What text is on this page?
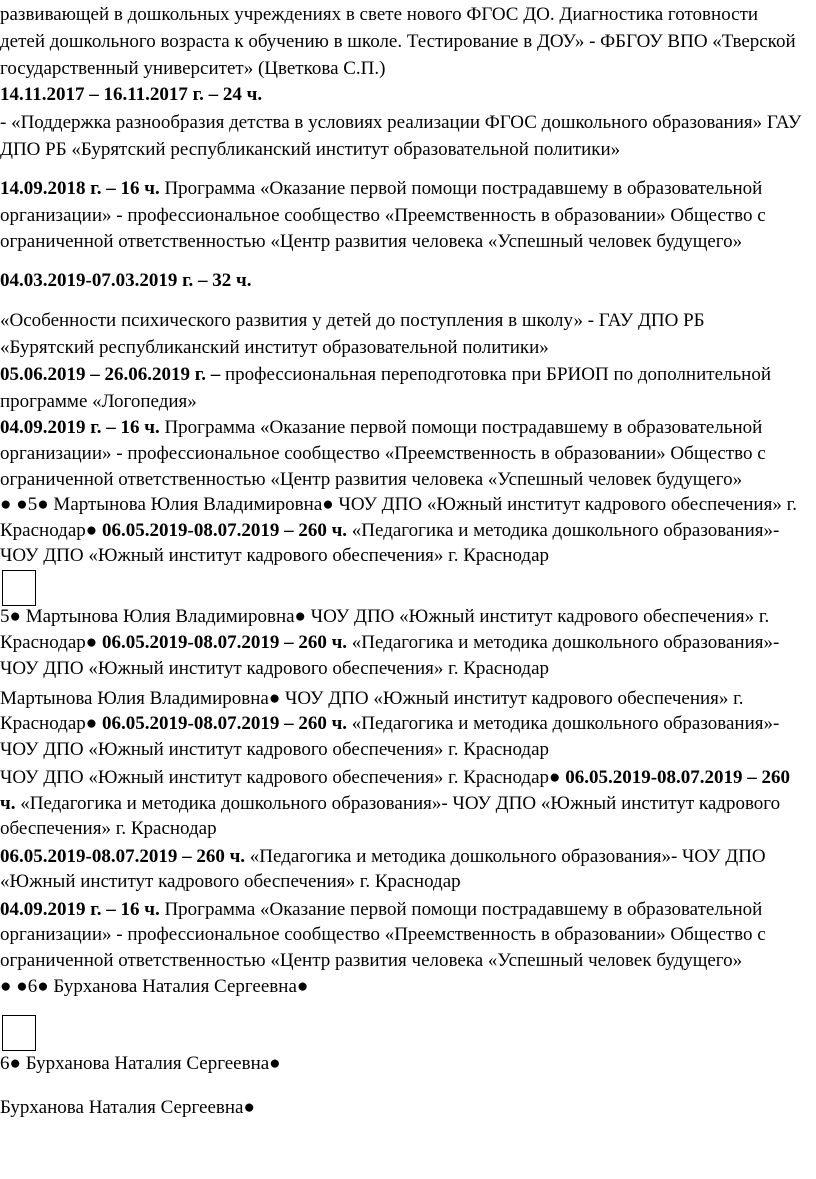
развивающей в дошкольных учреждениях в свете нового ФГОС ДО. Диагностика готовности
детей дошкольного возраста к обучению в школе. Тестирование в ДОУ» - ФБГОУ ВПО «Тверской
государственный университет» (Цветкова С.П.)
14.11.2017 – 16.11.2017 г. – 24 ч.
- «Поддержка разнообразия детства в условиях реализации ФГОС дошкольного образования» ГАУ
ДПО РБ «Бурятский республиканский институт образовательной политики»
14.09.2018 г. – 16 ч. Программа «Оказание первой помощи пострадавшему в образовательной
организации» - профессиональное сообщество «Преемственность в образовании» Общество с
ограниченной ответственностью «Центр развития человека «Успешный человек будущего»
04.03.2019-07.03.2019 г. – 32 ч.
«Особенности психического развития у детей до поступления в школу» - ГАУ ДПО РБ
«Бурятский республиканский институт образовательной политики»
05.06.2019 – 26.06.2019 г. – профессиональная переподготовка при БРИОП по дополнительной
программе «Логопедия»
04.09.2019 г. – 16 ч. Программа «Оказание первой помощи пострадавшему в образовательной
организации» - профессиональное сообщество «Преемственность в образовании» Общество с
ограниченной ответственностью «Центр развития человека «Успешный человек будущего»
● ●5● Мартынова Юлия Владимировна● ЧОУ ДПО «Южный институт кадрового обеспечения» г.
Краснодар● 06.05.2019-08.07.2019 – 260 ч. «Педагогика и методика дошкольного образования»-
ЧОУ ДПО «Южный институт кадрового обеспечения» г. Краснодар
5● Мартынова Юлия Владимировна● ЧОУ ДПО «Южный институт кадрового обеспечения» г.
Краснодар● 06.05.2019-08.07.2019 – 260 ч. «Педагогика и методика дошкольного образования»-
ЧОУ ДПО «Южный институт кадрового обеспечения» г. Краснодар
Мартынова Юлия Владимировна● ЧОУ ДПО «Южный институт кадрового обеспечения» г.
Краснодар● 06.05.2019-08.07.2019 – 260 ч. «Педагогика и методика дошкольного образования»-
ЧОУ ДПО «Южный институт кадрового обеспечения» г. Краснодар
ЧОУ ДПО «Южный институт кадрового обеспечения» г. Краснодар● 06.05.2019-08.07.2019 – 260
ч. «Педагогика и методика дошкольного образования»- ЧОУ ДПО «Южный институт кадрового
обеспечения» г. Краснодар
06.05.2019-08.07.2019 – 260 ч. «Педагогика и методика дошкольного образования»- ЧОУ ДПО
«Южный институт кадрового обеспечения» г. Краснодар
04.09.2019 г. – 16 ч. Программа «Оказание первой помощи пострадавшему в образовательной
организации» - профессиональное сообщество «Преемственность в образовании» Общество с
ограниченной ответственностью «Центр развития человека «Успешный человек будущего»
● ●6● Бурханова Наталия Сергеевна●
6● Бурханова Наталия Сергеевна●
Бурханова Наталия Сергеевна●
